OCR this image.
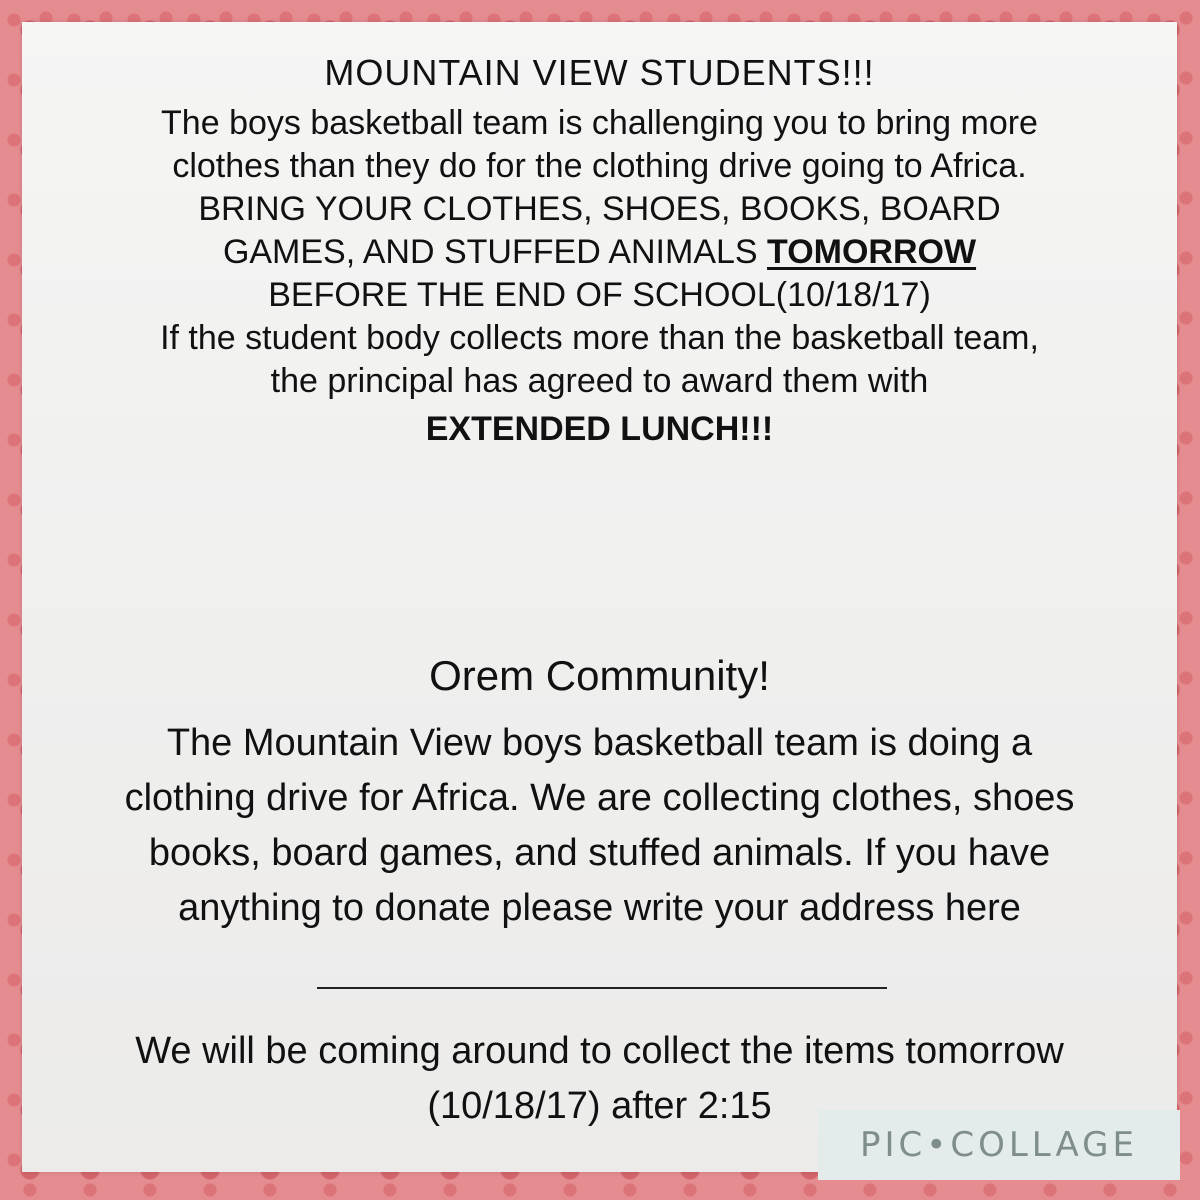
MOUNTAIN VIEW STUDENTS!!!
The boys basketball team is challenging you to bring more
clothes than they do for the clothing drive going to Africa.
BRING YOUR CLOTHES, SHOES, BOOKS, BOARD
GAMES, AND STUFFED ANIMALS TOMORROW
BEFORE THE END OF SCHOOL(10/18/17)
If the student body collects more than the basketball team,
the principal has agreed to award them with
EXTENDED LUNCH!!!
Orem Community!
The Mountain View boys basketball team is doing a
clothing drive for Africa. We are collecting clothes, shoes
books, board games, and stuffed animals. If you have
anything to donate please write your address here
We will be coming around to collect the items tomorrow
(10/18/17) after 2:15
PIC•COLLAGE
